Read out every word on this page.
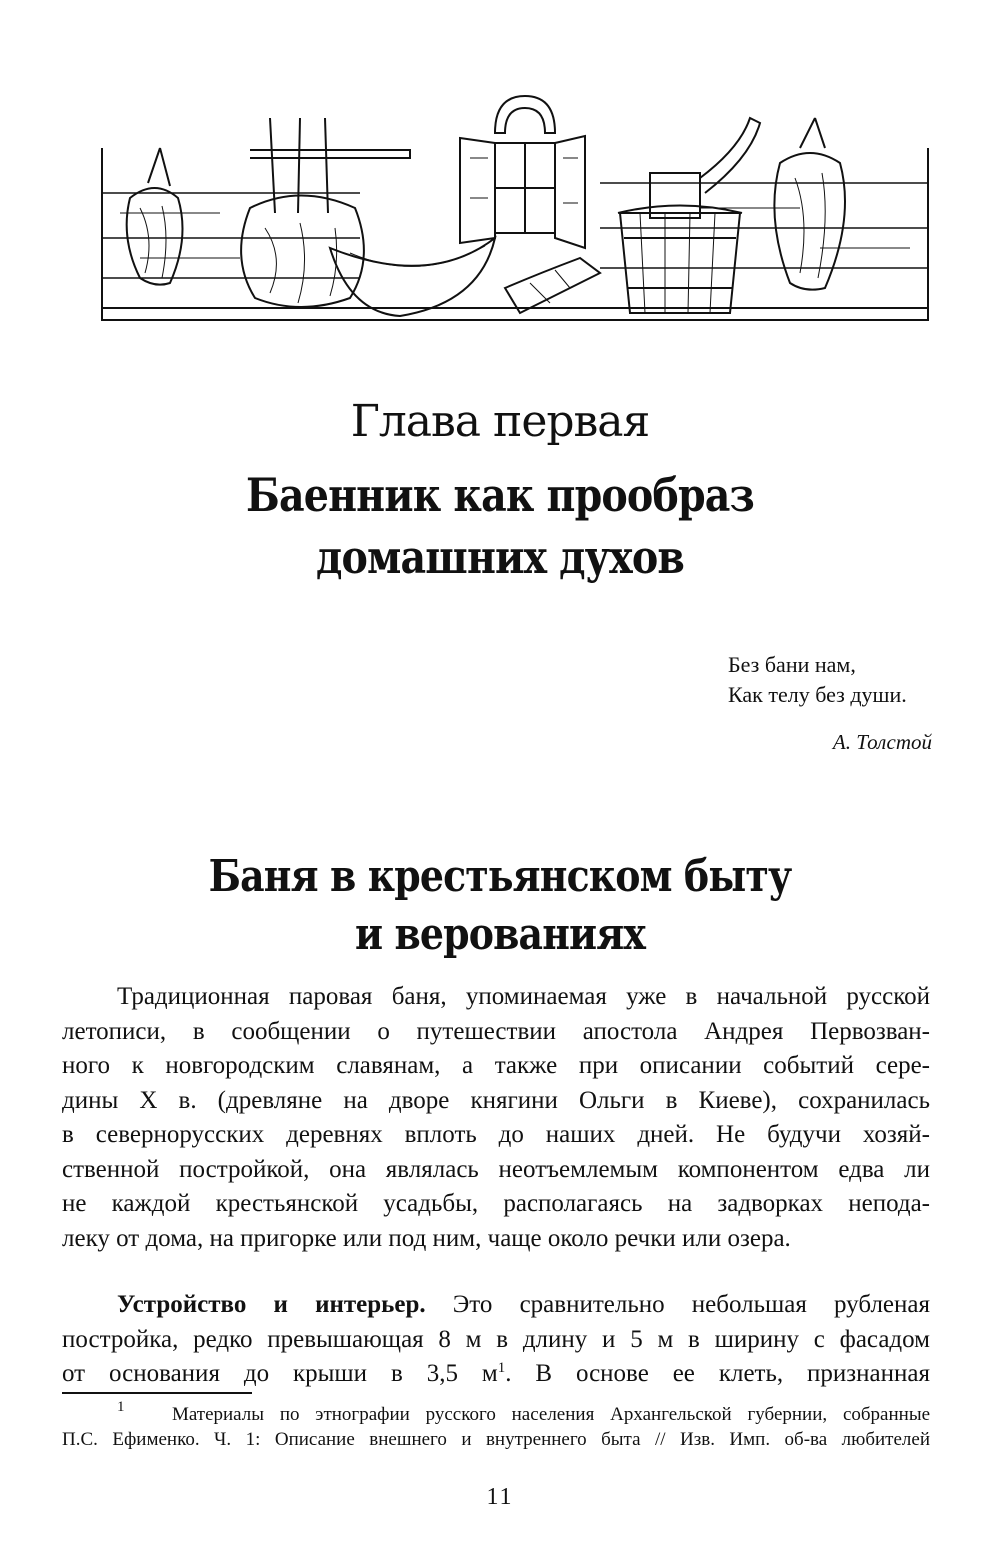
Глава первая
Баенник как прообраз
домашних духов
Без бани нам,
Как телу без души.
А. Толстой
Баня в крестьянском быту
и верованиях
Традиционная паровая баня, упоминаемая уже в начальной русской
летописи, в сообщении о путешествии апостола Андрея Первозван-
ного к новгородским славянам, а также при описании событий сере-
дины X в. (древляне на дворе княгини Ольги в Киеве), сохранилась
в севернорусских деревнях вплоть до наших дней. Не будучи хозяй-
ственной постройкой, она являлась неотъемлемым компонентом едва ли
не каждой крестьянской усадьбы, располагаясь на задворках непода-
леку от дома, на пригорке или под ним, чаще около речки или озера.
Устройство и интерьер. Это сравнительно небольшая рубленая
постройка, редко превышающая 8 м в длину и 5 м в ширину с фасадом
от основания до крыши в 3,5 $м^1$. В основе ее клеть, признанная
$^1$ Материалы по этнографии русского населения Архангельской губернии, собранные
П.С. Ефименко. Ч. 1: Описание внешнего и внутреннего быта // Изв. Имп. об-ва любителей
11
